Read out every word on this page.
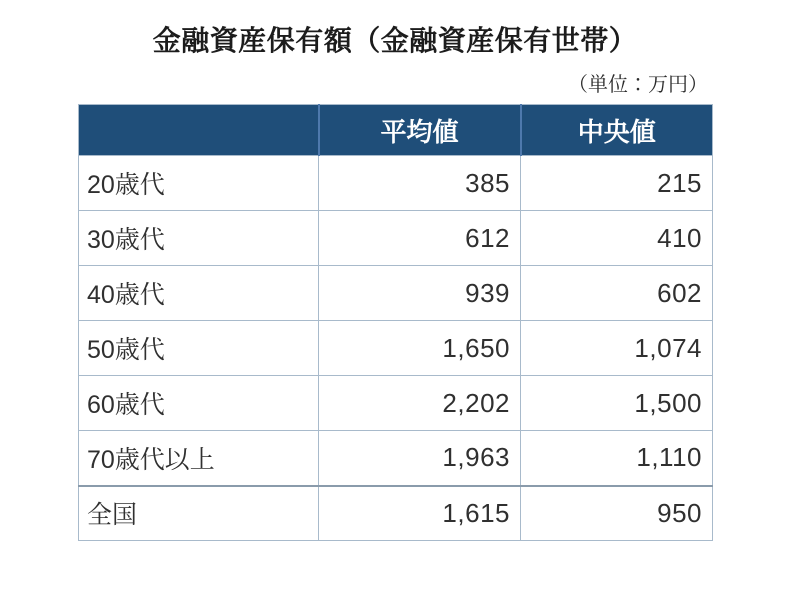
金融資産保有額（金融資産保有世帯）
（単位：万円）
	平均値	中央値
20歳代	385	215
30歳代	612	410
40歳代	939	602
50歳代	1,650	1,074
60歳代	2,202	1,500
70歳代以上	1,963	1,110
全国	1,615	950
